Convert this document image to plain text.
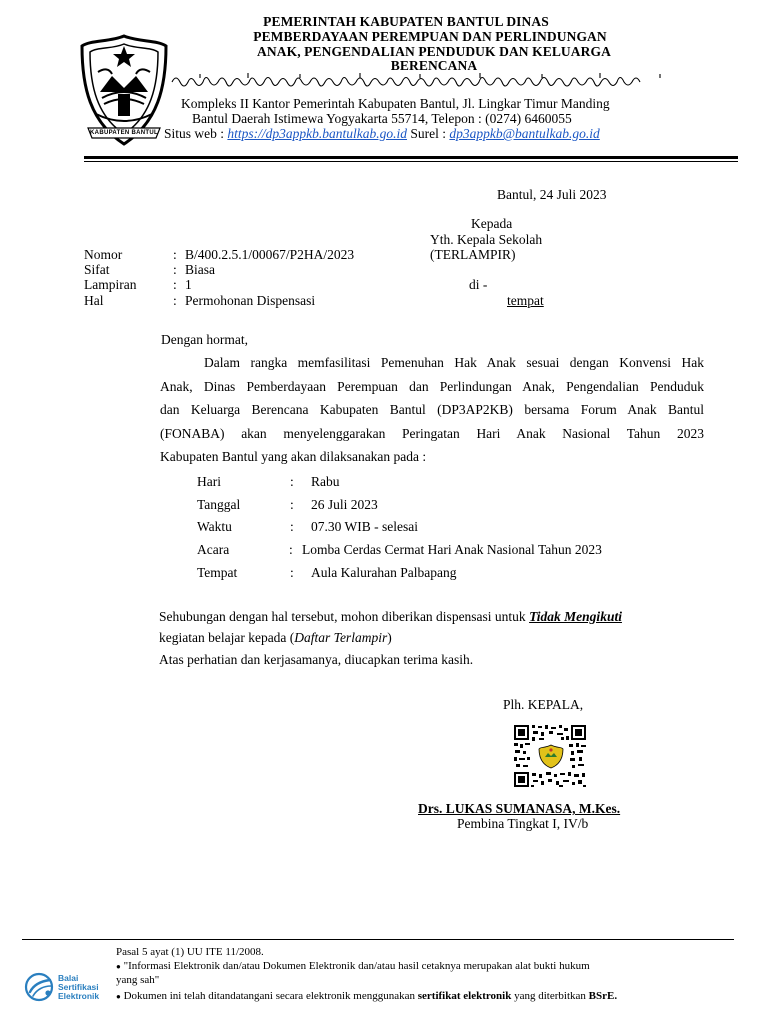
KABUPATEN BANTUL
PEMERINTAH KABUPATEN BANTUL DINAS
PEMBERDAYAAN PEREMPUAN DAN PERLINDUNGAN
ANAK, PENGENDALIAN PENDUDUK DAN KELUARGA
BERENCANA
Kompleks II Kantor Pemerintah Kabupaten Bantul, Jl. Lingkar Timur Manding
Bantul Daerah Istimewa Yogyakarta 55714, Telepon : (0274) 6460055
Situs web : https://dp3appkb.bantulkab.go.id Surel : dp3appkb@bantulkab.go.id
Bantul, 24 Juli 2023
Kepada
Yth. Kepala Sekolah
(TERLAMPIR)
di -
tempat
Nomor	: B/400.2.5.1/00067/P2HA/2023
Sifat	: Biasa
Lampiran	: 1
Hal	: Permohonan Dispensasi
Dengan hormat,
Dalam rangka memfasilitasi Pemenuhan Hak Anak sesuai dengan Konvensi Hak
Anak, Dinas Pemberdayaan Perempuan dan Perlindungan Anak, Pengendalian Penduduk
dan Keluarga Berencana Kabupaten Bantul (DP3AP2KB) bersama Forum Anak Bantul
(FONABA) akan menyelenggarakan Peringatan Hari Anak Nasional Tahun 2023
Kabupaten Bantul yang akan dilaksanakan pada :
Hari	: Rabu
Tanggal	: 26 Juli 2023
Waktu	: 07.30 WIB - selesai
Acara	: Lomba Cerdas Cermat Hari Anak Nasional Tahun 2023
Tempat	: Aula Kalurahan Palbapang
Sehubungan dengan hal tersebut, mohon diberikan dispensasi untuk Tidak Mengikuti
kegiatan belajar kepada (Daftar Terlampir)
Atas perhatian dan kerjasamanya, diucapkan terima kasih.
Plh. KEPALA,
Drs. LUKAS SUMANASA, M.Kes.
Pembina Tingkat I, IV/b
Pasal 5 ayat (1) UU ITE 11/2008.
● "Informasi Elektronik dan/atau Dokumen Elektronik dan/atau hasil cetaknya merupakan alat bukti hukum
yang sah"
● Dokumen ini telah ditandatangani secara elektronik menggunakan sertifikat elektronik yang diterbitkan BSrE.
Balai
Sertifikasi
Elektronik
